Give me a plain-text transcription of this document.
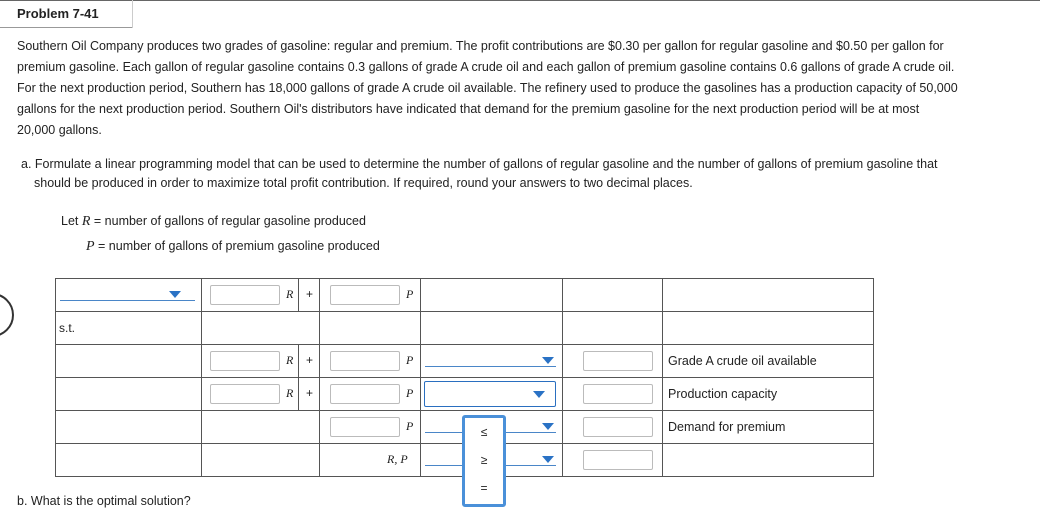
Problem 7-41
Southern Oil Company produces two grades of gasoline: regular and premium. The profit contributions are $0.30 per gallon for regular gasoline and $0.50 per gallon for
premium gasoline. Each gallon of regular gasoline contains 0.3 gallons of grade A crude oil and each gallon of premium gasoline contains 0.6 gallons of grade A crude oil.
For the next production period, Southern has 18,000 gallons of grade A crude oil available. The refinery used to produce the gasolines has a production capacity of 50,000
gallons for the next production period. Southern Oil's distributors have indicated that demand for the premium gasoline for the next production period will be at most
20,000 gallons.
a. Formulate a linear programming model that can be used to determine the number of gallons of regular gasoline and the number of gallons of premium gasoline that
should be produced in order to maximize total profit contribution. If required, round your answers to two decimal places.
Let R = number of gallons of regular gasoline produced
P = number of gallons of premium gasoline produced

	R +	P			

s.t.					

	R +	P			Grade A crude oil available

	R +	P			Production capacity

		P			Demand for premium

		R, P			

≤
≥
=
b. What is the optimal solution?
